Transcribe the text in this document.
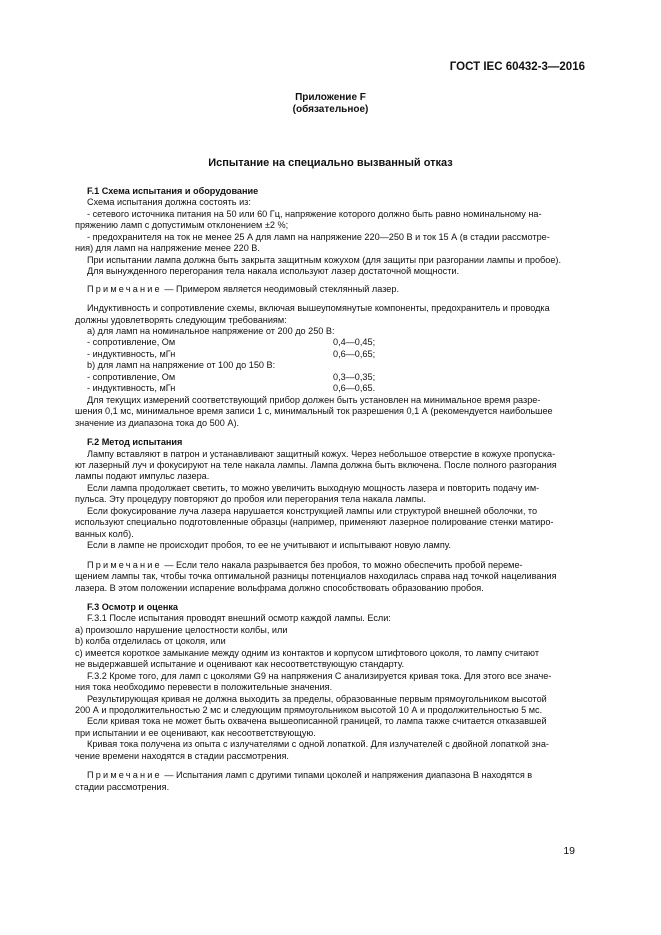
ГОСТ IEC 60432-3—2016
Приложение F
(обязательное)
Испытание на специально вызванный отказ

F.1 Схема испытания и оборудование

Схема испытания должна состоять из:

- сетевого источника питания на 50 или 60 Гц, напряжение которого должно быть равно номинальному на-

пряжению ламп с допустимым отклонением ±2 %;

- предохранителя на ток не менее 25 А для ламп на напряжение 220—250 В и ток 15 А (в стадии рассмотре-

ния) для ламп на напряжение менее 220 В.

При испытании лампа должна быть закрыта защитным кожухом (для защиты при разгорании лампы и пробое).

Для вынужденного перегорания тела накала используют лазер достаточной мощности.

Примечание — Примером является неодимовый стеклянный лазер.

Индуктивность и сопротивление схемы, включая вышеупомянутые компоненты, предохранитель и проводка

должны удовлетворять следующим требованиям:

a) для ламп на номинальное напряжение от 200 до 250 В:

- сопротивление, Ом	0,4—0,45;
- индуктивность, мГн	0,6—0,65;

b) для ламп на напряжение от 100 до 150 В:

- сопротивление, Ом	0,3—0,35;
- индуктивность, мГн	0,6—0,65.

Для текущих измерений соответствующий прибор должен быть установлен на минимальное время разре-

шения 0,1 мс, минимальное время записи 1 с, минимальный ток разрешения 0,1 А (рекомендуется наибольшее

значение из диапазона тока до 500 А).

F.2 Метод испытания

Лампу вставляют в патрон и устанавливают защитный кожух. Через небольшое отверстие в кожухе пропуска-

ют лазерный луч и фокусируют на теле накала лампы. Лампа должна быть включена. После полного разгорания

лампы подают импульс лазера.

Если лампа продолжает светить, то можно увеличить выходную мощность лазера и повторить подачу им-

пульса. Эту процедуру повторяют до пробоя или перегорания тела накала лампы.

Если фокусирование луча лазера нарушается конструкцией лампы или структурой внешней оболочки, то

используют специально подготовленные образцы (например, применяют лазерное полирование стенки матиро-

ванных колб).

Если в лампе не происходит пробоя, то ее не учитывают и испытывают новую лампу.

Примечание — Если тело накала разрывается без пробоя, то можно обеспечить пробой переме-

щением лампы так, чтобы точка оптимальной разницы потенциалов находилась справа над точкой нацеливания

лазера. В этом положении испарение вольфрама должно способствовать образованию пробоя.

F.3 Осмотр и оценка

F.3.1 После испытания проводят внешний осмотр каждой лампы. Если:

a) произошло нарушение целостности колбы, или

b) колба отделилась от цоколя, или

c) имеется короткое замыкание между одним из контактов и корпусом штифтового цоколя, то лампу считают

не выдержавшей испытание и оценивают как несоответствующую стандарту.

F.3.2 Кроме того, для ламп с цоколями G9 на напряжения С анализируется кривая тока. Для этого все значе-

ния тока необходимо перевести в положительные значения.

Результирующая кривая не должна выходить за пределы, образованные первым прямоугольником высотой

200 А и продолжительностью 2 мс и следующим прямоугольником высотой 10 А и продолжительностью 5 мс.

Если кривая тока не может быть охвачена вышеописанной границей, то лампа также считается отказавшей

при испытании и ее оценивают, как несоответствующую.

Кривая тока получена из опыта с излучателями с одной лопаткой. Для излучателей с двойной лопаткой зна-

чение времени находятся в стадии рассмотрения.

Примечание — Испытания ламп с другими типами цоколей и напряжения диапазона В находятся в

стадии рассмотрения.

19
